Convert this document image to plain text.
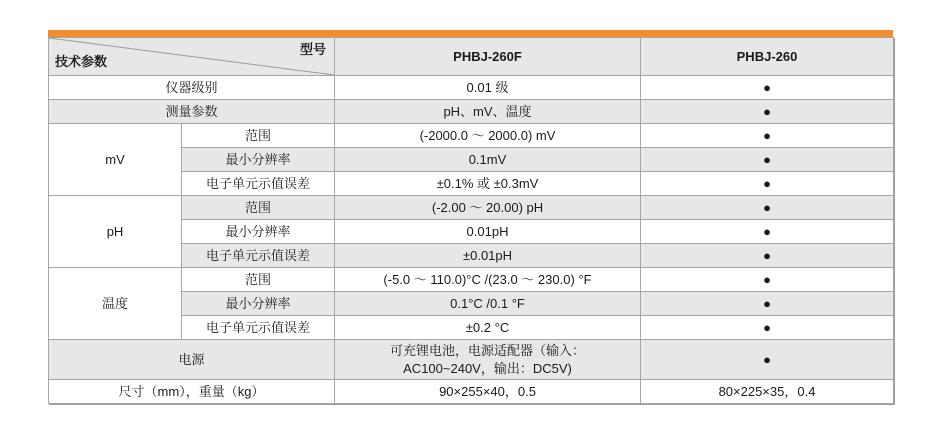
型号
技术参数		PHBJ-260F	PHBJ-260
仪器级别		0.01 级	●
测量参数		pH、mV、温度	●
mV	范围	(-2000.0 ～ 2000.0) mV	●
	最小分辨率	0.1mV	●
	电子单元示值误差	±0.1% 或 ±0.3mV	●
pH	范围	(-2.00 ～ 20.00) pH	●
	最小分辨率	0.01pH	●
	电子单元示值误差	±0.01pH	●
温度	范围	(-5.0 ～ 110.0)°C /(23.0 ～ 230.0) °F	●
	最小分辨率	0.1°C /0.1 °F	●
	电子单元示值误差	±0.2 °C	●
电源		可充锂电池，电源适配器（输入：
AC100~240V，输出：DC5V)	●
尺寸（mm），重量（kg）		90×255×40，0.5	80×225×35，0.4
